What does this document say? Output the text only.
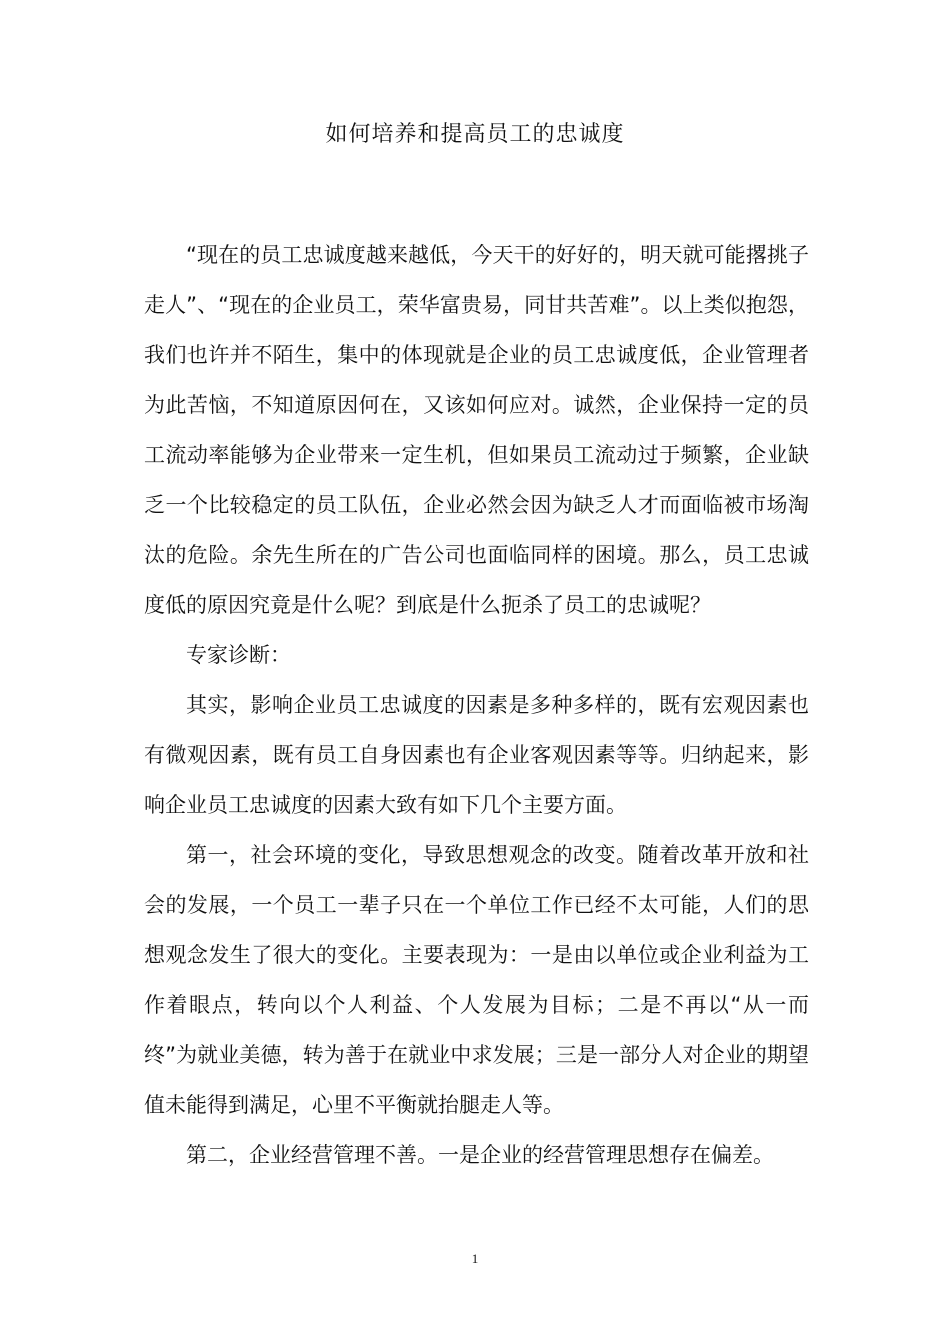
如何培养和提高员工的忠诚度

“现在的员工忠诚度越来越低，今天干的好好的，明天就可能撂挑子走人”、“现在的企业员工，荣华富贵易，同甘共苦难”。以上类似抱怨，我们也许并不陌生，集中的体现就是企业的员工忠诚度低，企业管理者为此苦恼，不知道原因何在，又该如何应对。诚然，企业保持一定的员工流动率能够为企业带来一定生机，但如果员工流动过于频繁，企业缺乏一个比较稳定的员工队伍，企业必然会因为缺乏人才而面临被市场淘汰的危险。余先生所在的广告公司也面临同样的困境。那么，员工忠诚度低的原因究竟是什么呢？到底是什么扼杀了员工的忠诚呢？

专家诊断：

其实，影响企业员工忠诚度的因素是多种多样的，既有宏观因素也有微观因素，既有员工自身因素也有企业客观因素等等。归纳起来，影响企业员工忠诚度的因素大致有如下几个主要方面。

第一，社会环境的变化，导致思想观念的改变。随着改革开放和社会的发展，一个员工一辈子只在一个单位工作已经不太可能，人们的思想观念发生了很大的变化。主要表现为：一是由以单位或企业利益为工作着眼点，转向以个人利益、个人发展为目标；二是不再以“从一而终”为就业美德，转为善于在就业中求发展；三是一部分人对企业的期望值未能得到满足，心里不平衡就抬腿走人等。

第二，企业经营管理不善。一是企业的经营管理思想存在偏差。

1
